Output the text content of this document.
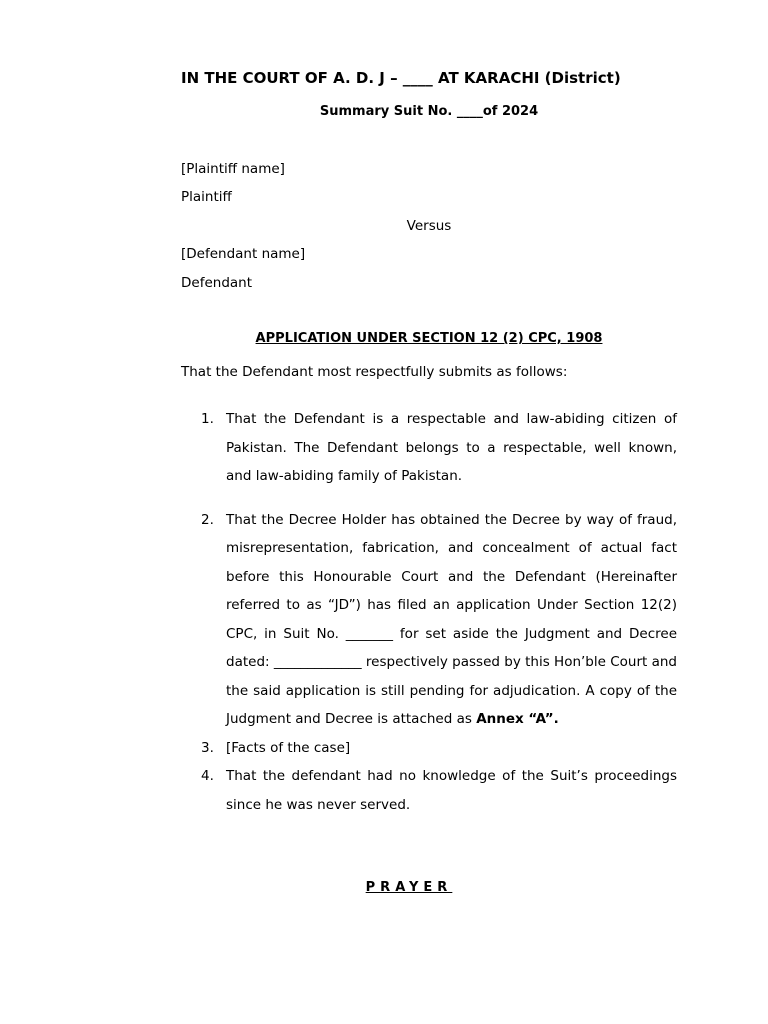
IN THE COURT OF A. D. J – ____ AT KARACHI (District)
Summary Suit No. ____of 2024
[Plaintiff name]
Plaintiff
Versus
[Defendant name]
Defendant
APPLICATION UNDER SECTION 12 (2) CPC, 1908
That the Defendant most respectfully submits as follows:
1. That the Defendant is a respectable and law-abiding citizen of Pakistan. The Defendant belongs to a respectable, well known, and law-abiding family of Pakistan.
2. That the Decree Holder has obtained the Decree by way of fraud, misrepresentation, fabrication, and concealment of actual fact before this Honourable Court and the Defendant (Hereinafter referred to as “JD”) has filed an application Under Section 12(2) CPC, in Suit No. _______ for set aside the Judgment and Decree dated: _____________ respectively passed by this Hon’ble Court and the said application is still pending for adjudication. A copy of the Judgment and Decree is attached as Annex “A”.
3. [Facts of the case]
4. That the defendant had no knowledge of the Suit’s proceedings since he was never served.
PRAYER
